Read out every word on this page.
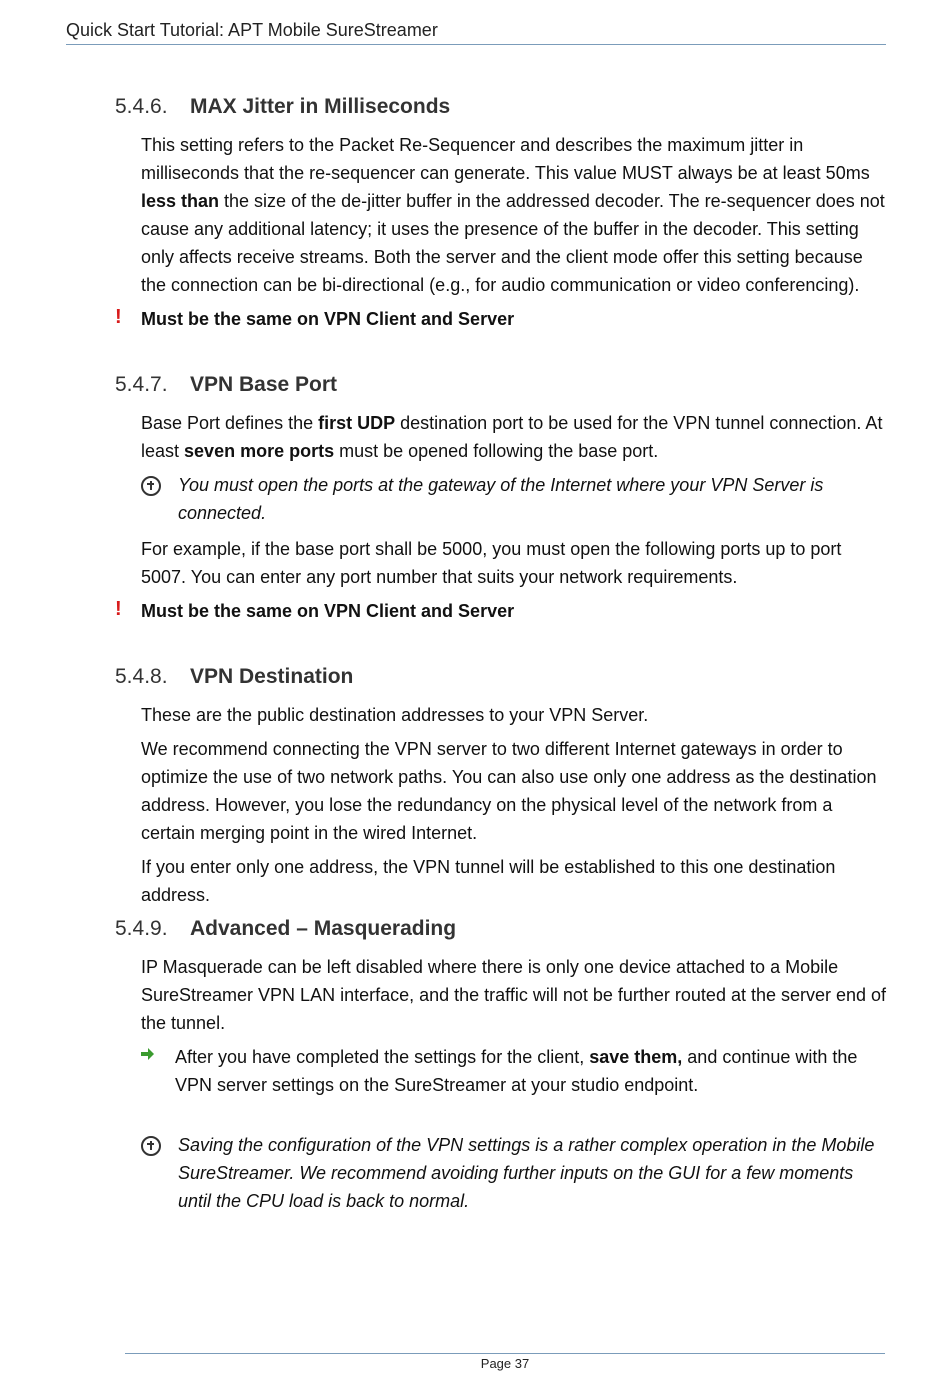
Quick Start Tutorial: APT Mobile SureStreamer
5.4.6. MAX Jitter in Milliseconds

This setting refers to the Packet Re-Sequencer and describes the maximum jitter in milliseconds that the re-sequencer can generate. This value MUST always be at least 50ms less than the size of the de-jitter buffer in the addressed decoder. The re-sequencer does not cause any additional latency; it uses the presence of the buffer in the decoder. This setting only affects receive streams. Both the server and the client mode offer this setting because the connection can be bi-directional (e.g., for audio communication or video conferencing).

! Must be the same on VPN Client and Server
5.4.7. VPN Base Port

Base Port defines the first UDP destination port to be used for the VPN tunnel connection. At least seven more ports must be opened following the base port.

You must open the ports at the gateway of the Internet where your VPN Server is connected.

For example, if the base port shall be 5000, you must open the following ports up to port 5007. You can enter any port number that suits your network requirements.

! Must be the same on VPN Client and Server
5.4.8. VPN Destination

These are the public destination addresses to your VPN Server.

We recommend connecting the VPN server to two different Internet gateways in order to optimize the use of two network paths. You can also use only one address as the destination address. However, you lose the redundancy on the physical level of the network from a certain merging point in the wired Internet.

If you enter only one address, the VPN tunnel will be established to this one destination address.

5.4.9. Advanced – Masquerading

IP Masquerade can be left disabled where there is only one device attached to a Mobile SureStreamer VPN LAN interface, and the traffic will not be further routed at the server end of the tunnel.

After you have completed the settings for the client, save them, and continue with the VPN server settings on the SureStreamer at your studio endpoint.
Saving the configuration of the VPN settings is a rather complex operation in the Mobile SureStreamer. We recommend avoiding further inputs on the GUI for a few moments until the CPU load is back to normal.
Page 37
